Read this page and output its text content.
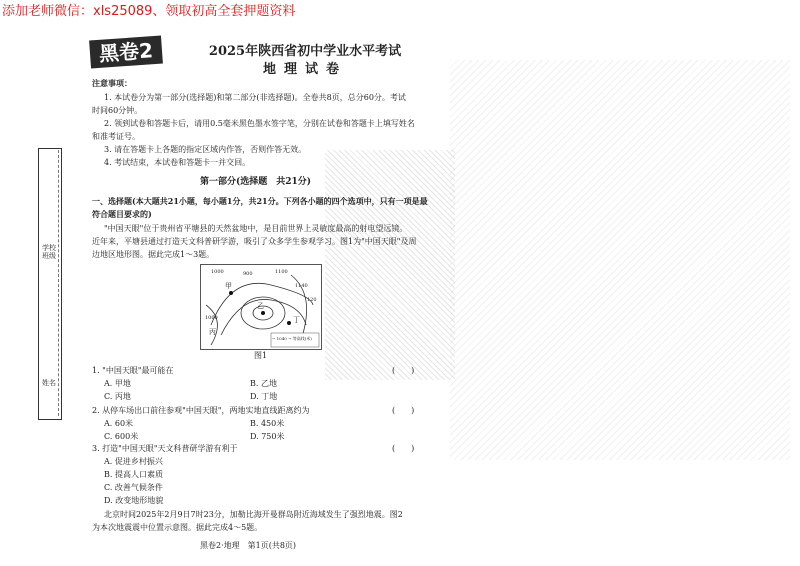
添加老师微信：xls25089、领取初高全套押题资料
学校班级
姓名
黑卷2	2025年陕西省初中学业水平考试
地理试卷
注意事项：
1. 本试卷分为第一部分(选择题)和第二部分(非选择题)。全卷共8页，总分60分。考试
时间60分钟。
2. 领到试卷和答题卡后，请用0.5毫米黑色墨水签字笔，分别在试卷和答题卡上填写姓名
和准考证号。
3. 请在答题卡上各题的指定区域内作答，否则作答无效。
4. 考试结束，本试卷和答题卡一并交回。
第一部分(选择题　共21分)
一、选择题(本大题共21小题，每小题1分，共21分。下列各小题的四个选项中，只有一项是最
符合题目要求的)
"中国天眼"位于贵州省平塘县的天然盆地中，是目前世界上灵敏度最高的射电望远镜。
近年来，平塘县通过打造天文科普研学游，吸引了众多学生参观学习。图1为"中国天眼"及周
边地区地形图。据此完成1～3题。
甲
乙
丙
丁
1000	900	1100
1060
1140
120
~ 1040 ~ 等高线(米)
图1
1. "中国天眼"最可能在	(　　)
A. 甲地	B. 乙地
C. 丙地	D. 丁地
2. 从停车场出口前往参观"中国天眼"，两地实地直线距离约为	(　　)
A. 60米	B. 450米
C. 600米	D. 750米
3. 打造"中国天眼"天文科普研学游有利于	(　　)
A. 促进乡村振兴
B. 提高人口素质
C. 改善气候条件
D. 改变地形地貌
北京时间2025年2月9日7时23分，加勒比海开曼群岛附近海域发生了强烈地震。图2
为本次地震震中位置示意图。据此完成4～5题。
黑卷2·地理　第1页(共8页)
